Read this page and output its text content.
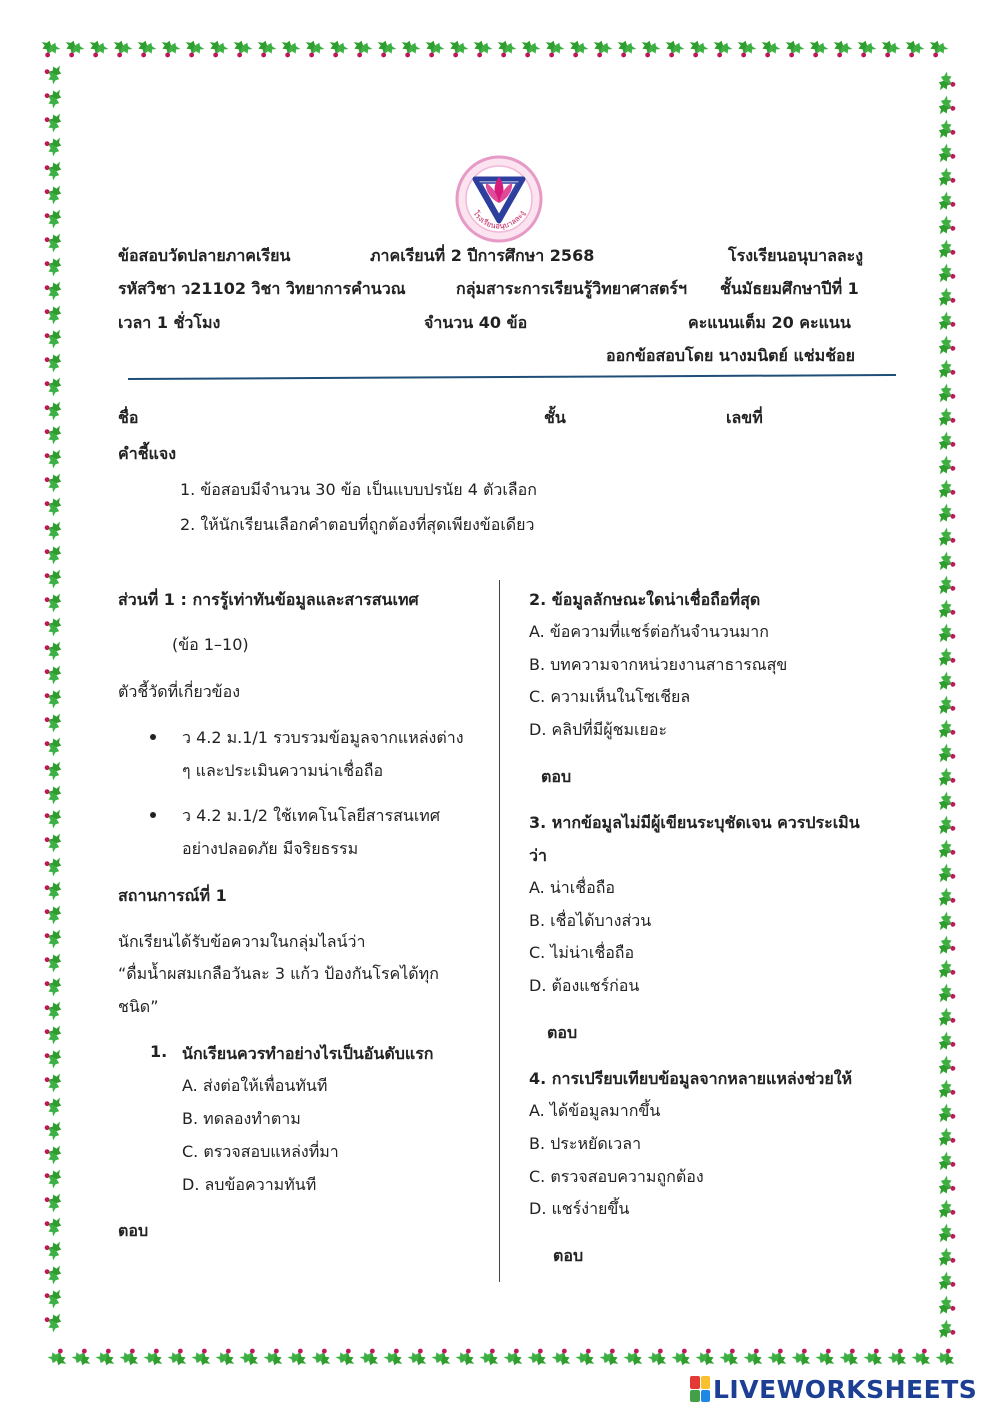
โรงเรียนอนุบาลละงู
ข้อสอบวัดปลายภาคเรียน	ภาคเรียนที่ 2 ปีการศึกษา 2568	โรงเรียนอนุบาลละงู
รหัสวิชา ว21102 วิชา วิทยาการคำนวณ	กลุ่มสาระการเรียนรู้วิทยาศาสตร์ฯ ชั้นมัธยมศึกษาปีที่ 1
เวลา 1 ชั่วโมง	จำนวน 40 ข้อ	คะแนนเต็ม 20 คะแนน
ออกข้อสอบโดย นางมนิตย์ แช่มช้อย
ชื่อ	ชั้น	เลขที่
คำชี้แจง
1. ข้อสอบมีจำนวน 30 ข้อ เป็นแบบปรนัย 4 ตัวเลือก
2. ให้นักเรียนเลือกคำตอบที่ถูกต้องที่สุดเพียงข้อเดียว
ส่วนที่ 1 : การรู้เท่าทันข้อมูลและสารสนเทศ
(ข้อ 1–10)
ตัวชี้วัดที่เกี่ยวข้อง
ว 4.2 ม.1/1 รวบรวมข้อมูลจากแหล่งต่าง
ๆ และประเมินความน่าเชื่อถือ
ว 4.2 ม.1/2 ใช้เทคโนโลยีสารสนเทศ
อย่างปลอดภัย มีจริยธรรม
สถานการณ์ที่ 1
นักเรียนได้รับข้อความในกลุ่มไลน์ว่า
“ดื่มน้ำผสมเกลือวันละ 3 แก้ว ป้องกันโรคได้ทุก
ชนิด”
1. นักเรียนควรทำอย่างไรเป็นอันดับแรก
A. ส่งต่อให้เพื่อนทันที
B. ทดลองทำตาม
C. ตรวจสอบแหล่งที่มา
D. ลบข้อความทันที
ตอบ
2. ข้อมูลลักษณะใดน่าเชื่อถือที่สุด
A. ข้อความที่แชร์ต่อกันจำนวนมาก
B. บทความจากหน่วยงานสาธารณสุข
C. ความเห็นในโซเชียล
D. คลิปที่มีผู้ชมเยอะ
ตอบ
3. หากข้อมูลไม่มีผู้เขียนระบุชัดเจน ควรประเมิน
ว่า
A. น่าเชื่อถือ
B. เชื่อได้บางส่วน
C. ไม่น่าเชื่อถือ
D. ต้องแชร์ก่อน
ตอบ
4. การเปรียบเทียบข้อมูลจากหลายแหล่งช่วยให้
A. ได้ข้อมูลมากขึ้น
B. ประหยัดเวลา
C. ตรวจสอบความถูกต้อง
D. แชร์ง่ายขึ้น
ตอบ
LIVEWORKSHEETS
